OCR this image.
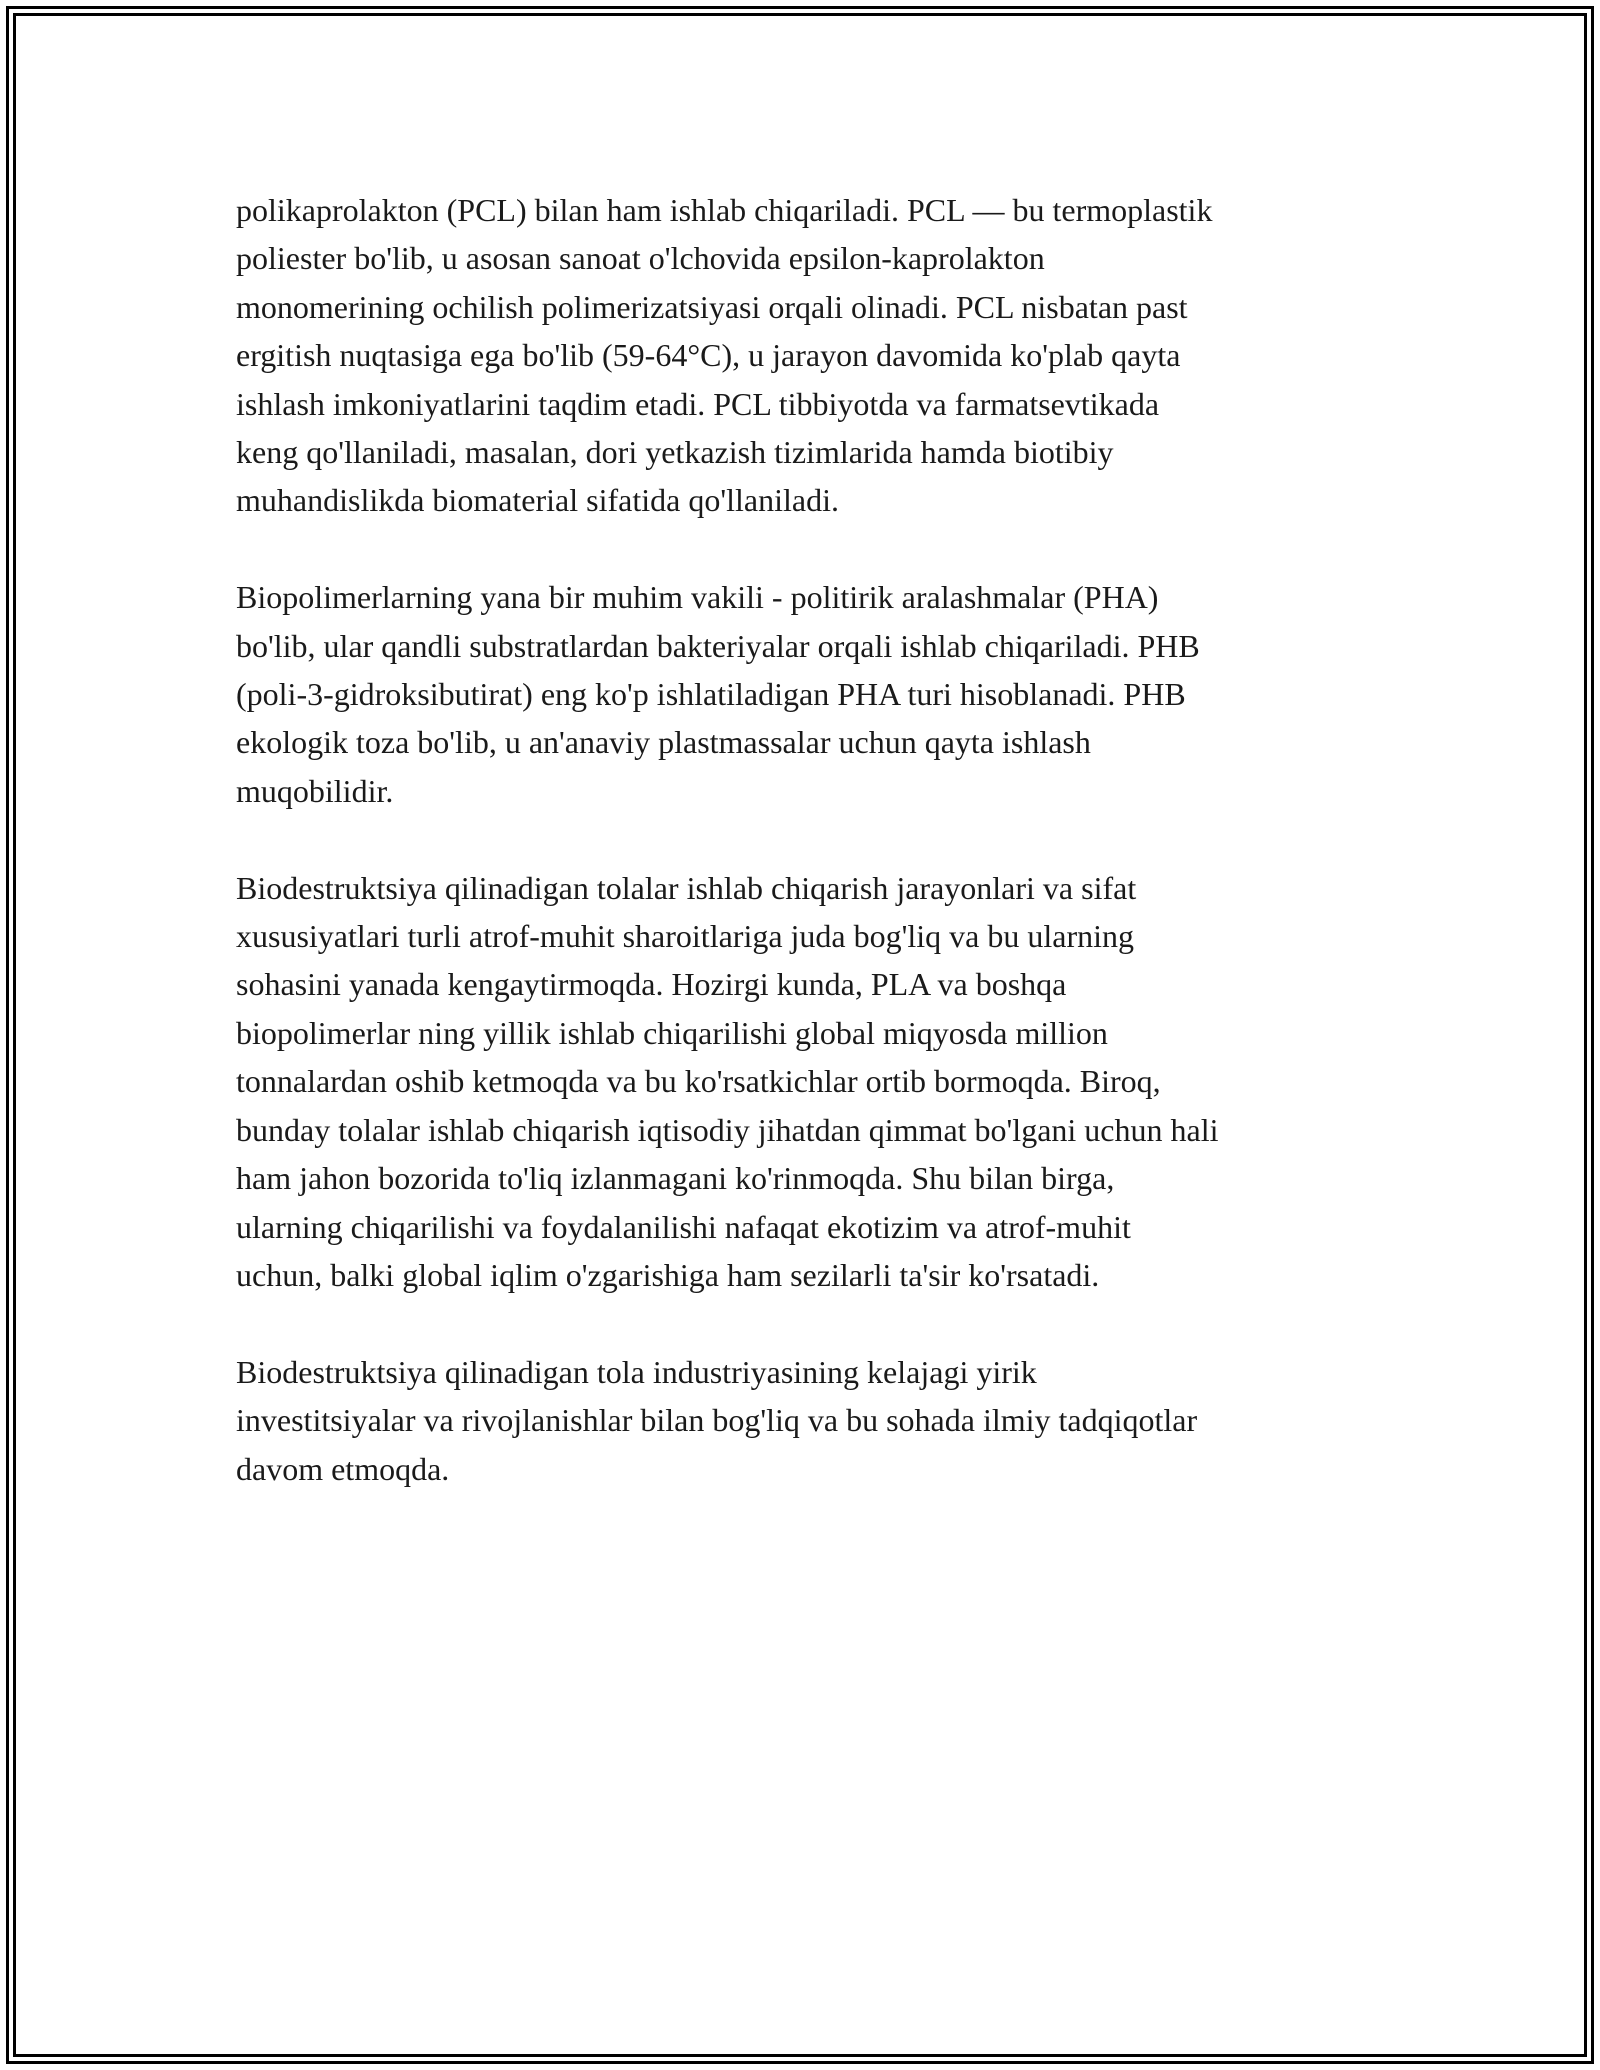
polikaprolakton (PCL) bilan ham ishlab chiqariladi. PCL — bu termoplastik
poliester bo'lib, u asosan sanoat o'lchovida epsilon-kaprolakton
monomerining ochilish polimerizatsiyasi orqali olinadi. PCL nisbatan past
ergitish nuqtasiga ega bo'lib (59-64°C), u jarayon davomida ko'plab qayta
ishlash imkoniyatlarini taqdim etadi. PCL tibbiyotda va farmatsevtikada
keng qo'llaniladi, masalan, dori yetkazish tizimlarida hamda biotibiy
muhandislikda biomaterial sifatida qo'llaniladi.

Biopolimerlarning yana bir muhim vakili - politirik aralashmalar (PHA)
bo'lib, ular qandli substratlardan bakteriyalar orqali ishlab chiqariladi. PHB
(poli-3-gidroksibutirat) eng ko'p ishlatiladigan PHA turi hisoblanadi. PHB
ekologik toza bo'lib, u an'anaviy plastmassalar uchun qayta ishlash
muqobilidir.

Biodestruktsiya qilinadigan tolalar ishlab chiqarish jarayonlari va sifat
xususiyatlari turli atrof-muhit sharoitlariga juda bog'liq va bu ularning
sohasini yanada kengaytirmoqda. Hozirgi kunda, PLA va boshqa
biopolimerlar ning yillik ishlab chiqarilishi global miqyosda million
tonnalardan oshib ketmoqda va bu ko'rsatkichlar ortib bormoqda. Biroq,
bunday tolalar ishlab chiqarish iqtisodiy jihatdan qimmat bo'lgani uchun hali
ham jahon bozorida to'liq izlanmagani ko'rinmoqda. Shu bilan birga,
ularning chiqarilishi va foydalanilishi nafaqat ekotizim va atrof-muhit
uchun, balki global iqlim o'zgarishiga ham sezilarli ta'sir ko'rsatadi.

Biodestruktsiya qilinadigan tola industriyasining kelajagi yirik
investitsiyalar va rivojlanishlar bilan bog'liq va bu sohada ilmiy tadqiqotlar
davom etmoqda.
